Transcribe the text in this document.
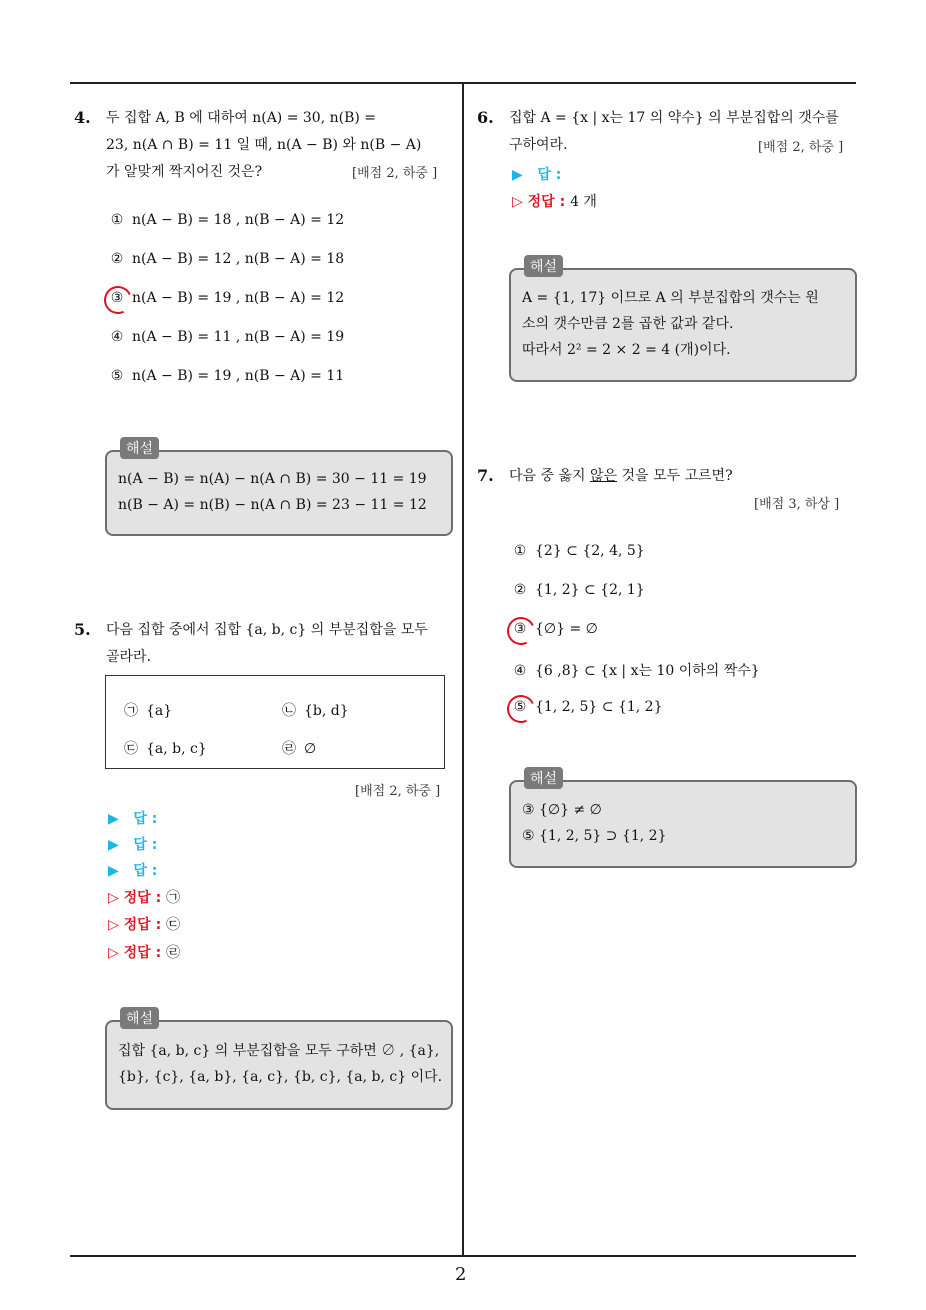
2
4. 두 집합 A, B 에 대하여 n(A) = 30, n(B) =
23, n(A ∩ B) = 11 일 때, n(A − B) 와 n(B − A)
가 알맞게 짝지어진 것은?	[배점 2, 하중 ]
① n(A − B) = 18 , n(B − A) = 12
② n(A − B) = 12 , n(B − A) = 18
③ n(A − B) = 19 , n(B − A) = 12
④ n(A − B) = 11 , n(B − A) = 19
⑤ n(A − B) = 19 , n(B − A) = 11
해설
n(A − B) = n(A) − n(A ∩ B) = 30 − 11 = 19
n(B − A) = n(B) − n(A ∩ B) = 23 − 11 = 12
5. 다음 집합 중에서 집합 {a, b, c} 의 부분집합을 모두
골라라.
㉠ {a}	㉡ {b, d}
㉢ {a, b, c}	㉣ ∅
[배점 2, 하중 ]
▶ 답 :
▶ 답 :
▶ 답 :
▷ 정답 : ㉠
▷ 정답 : ㉢
▷ 정답 : ㉣
해설
집합 {a, b, c} 의 부분집합을 모두 구하면 ∅ , {a},
{b}, {c}, {a, b}, {a, c}, {b, c}, {a, b, c} 이다.
6. 집합 A = {x | x는 17 의 약수} 의 부분집합의 갯수를
구하여라.	[배점 2, 하중 ]
▶ 답 :
▷ 정답 : 4 개
해설
A = {1, 17} 이므로 A 의 부분집합의 갯수는 원
소의 갯수만큼 2를 곱한 값과 같다.
따라서 2² = 2 × 2 = 4 (개)이다.
7. 다음 중 옳지 않은 것을 모두 고르면?
[배점 3, 하상 ]
① {2} ⊂ {2, 4, 5}
② {1, 2} ⊂ {2, 1}
③ {∅} = ∅
④ {6 ,8} ⊂ {x | x는 10 이하의 짝수}
⑤ {1, 2, 5} ⊂ {1, 2}
해설
③ {∅} ≠ ∅
⑤ {1, 2, 5} ⊃ {1, 2}
